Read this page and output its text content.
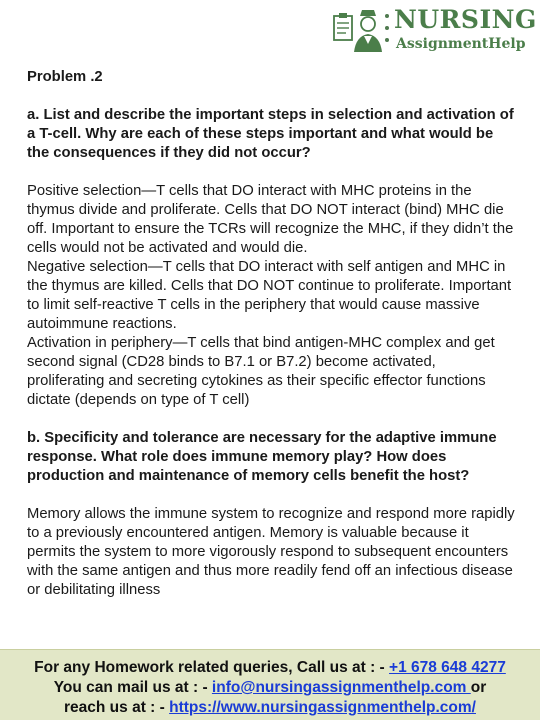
NURSING
AssignmentHelp

Problem .2

a. List and describe the important steps in selection and activation of a T-cell. Why are each of these steps important and what would be the consequences if they did not occur?

Positive selection—T cells that DO interact with MHC proteins in the thymus divide and proliferate. Cells that DO NOT interact (bind) MHC die off. Important to ensure the TCRs will recognize the MHC, if they didn’t the cells would not be activated and would die.

Negative selection—T cells that DO interact with self antigen and MHC in the thymus are killed. Cells that DO NOT continue to proliferate. Important to limit self-reactive T cells in the periphery that would cause massive autoimmune reactions.

Activation in periphery—T cells that bind antigen-MHC complex and get second signal (CD28 binds to B7.1 or B7.2) become activated, proliferating and secreting cytokines as their specific effector functions dictate (depends on type of T cell)

b. Specificity and tolerance are necessary for the adaptive immune response. What role does immune memory play? How does production and maintenance of memory cells benefit the host?

Memory allows the immune system to recognize and respond more rapidly to a previously encountered antigen. Memory is valuable because it permits the system to more vigorously respond to subsequent encounters with the same antigen and thus more readily fend off an infectious disease or debilitating illness

For any Homework related queries, Call us at : - +1 678 648 4277
You can mail us at : - info@nursingassignmenthelp.com or
reach us at : - https://www.nursingassignmenthelp.com/
